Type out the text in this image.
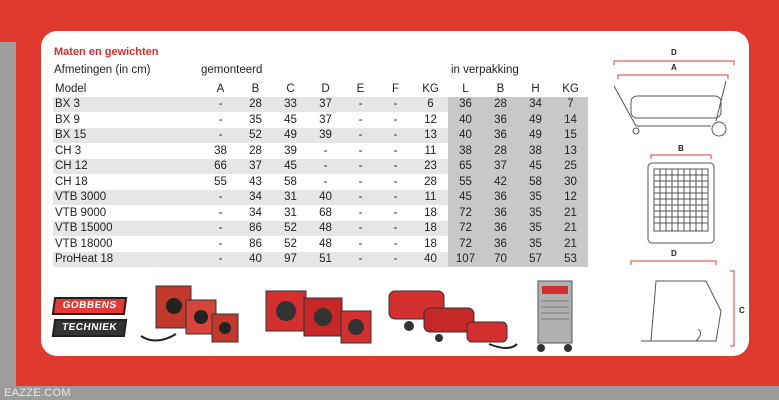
EAZZE.COM
Maten en gewichten
Afmetingen (in cm)	gemonteerd	in verpakking
Model	A	B	C	D	E	F	KG	L	B	H	KG
BX 3	-	28	33	37	-	-	6	36	28	34	7
BX 9	-	35	45	37	-	-	12	40	36	49	14
BX 15	-	52	49	39	-	-	13	40	36	49	15
CH 3	38	28	39	-	-	-	11	38	28	38	13
CH 12	66	37	45	-	-	-	23	65	37	45	25
CH 18	55	43	58	-	-	-	28	55	42	58	30
VTB 3000	-	34	31	40	-	-	11	45	36	35	12
VTB 9000	-	34	31	68	-	-	18	72	36	35	21
VTB 15000	-	86	52	48	-	-	18	72	36	35	21
VTB 18000	-	86	52	48	-	-	18	72	36	35	21
ProHeat 18	-	40	97	51	-	-	40	107	70	57	53
D
A
B
D
C
GOBBENS
TECHNIEK
